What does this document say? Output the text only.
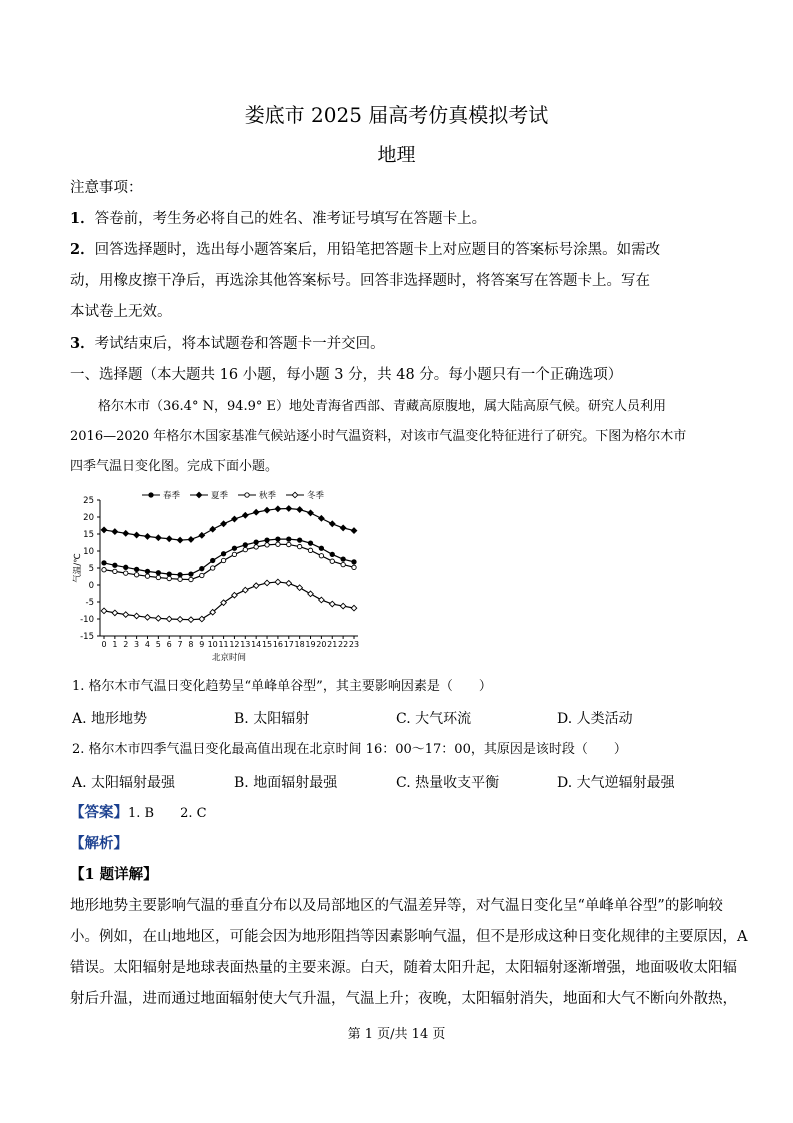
娄底市 2025 届高考仿真模拟考试
地理
注意事项：
1．答卷前，考生务必将自己的姓名、准考证号填写在答题卡上。
2．回答选择题时，选出每小题答案后，用铅笔把答题卡上对应题目的答案标号涂黑。如需改
动，用橡皮擦干净后，再选涂其他答案标号。回答非选择题时，将答案写在答题卡上。写在
本试卷上无效。
3．考试结束后，将本试题卷和答题卡一并交回。
一、选择题（本大题共 16 小题，每小题 3 分，共 48 分。每小题只有一个正确选项）
格尔木市（36.4° N，94.9° E）地处青海省西部、青藏高原腹地，属大陆高原气候。研究人员利用
2016—2020 年格尔木国家基准气候站逐小时气温资料，对该市气温变化特征进行了研究。下图为格尔木市
四季气温日变化图。完成下面小题。
春季	夏季	秋季	冬季
25
20
15
10
5
0
-5
-10
-15
0 1 2 3 4 5 6 7 8 9 10 11 12 13 14 15 16 17 18 19 20 21 22 23
北京时间
气温/℃
1. 格尔木市气温日变化趋势呈“单峰单谷型”，其主要影响因素是（　　）
A. 地形地势	B. 太阳辐射	C. 大气环流	D. 人类活动
2. 格尔木市四季气温日变化最高值出现在北京时间 16：00～17：00，其原因是该时段（　　）
A. 太阳辐射最强	B. 地面辐射最强	C. 热量收支平衡	D. 大气逆辐射最强
【答案】1. B　　2. C
【解析】
【1 题详解】
地形地势主要影响气温的垂直分布以及局部地区的气温差异等，对气温日变化呈“单峰单谷型”的影响较
小。例如，在山地地区，可能会因为地形阻挡等因素影响气温，但不是形成这种日变化规律的主要原因，A
错误。太阳辐射是地球表面热量的主要来源。白天，随着太阳升起，太阳辐射逐渐增强，地面吸收太阳辐
射后升温，进而通过地面辐射使大气升温，气温上升；夜晚，太阳辐射消失，地面和大气不断向外散热，
第 1 页/共 14 页
